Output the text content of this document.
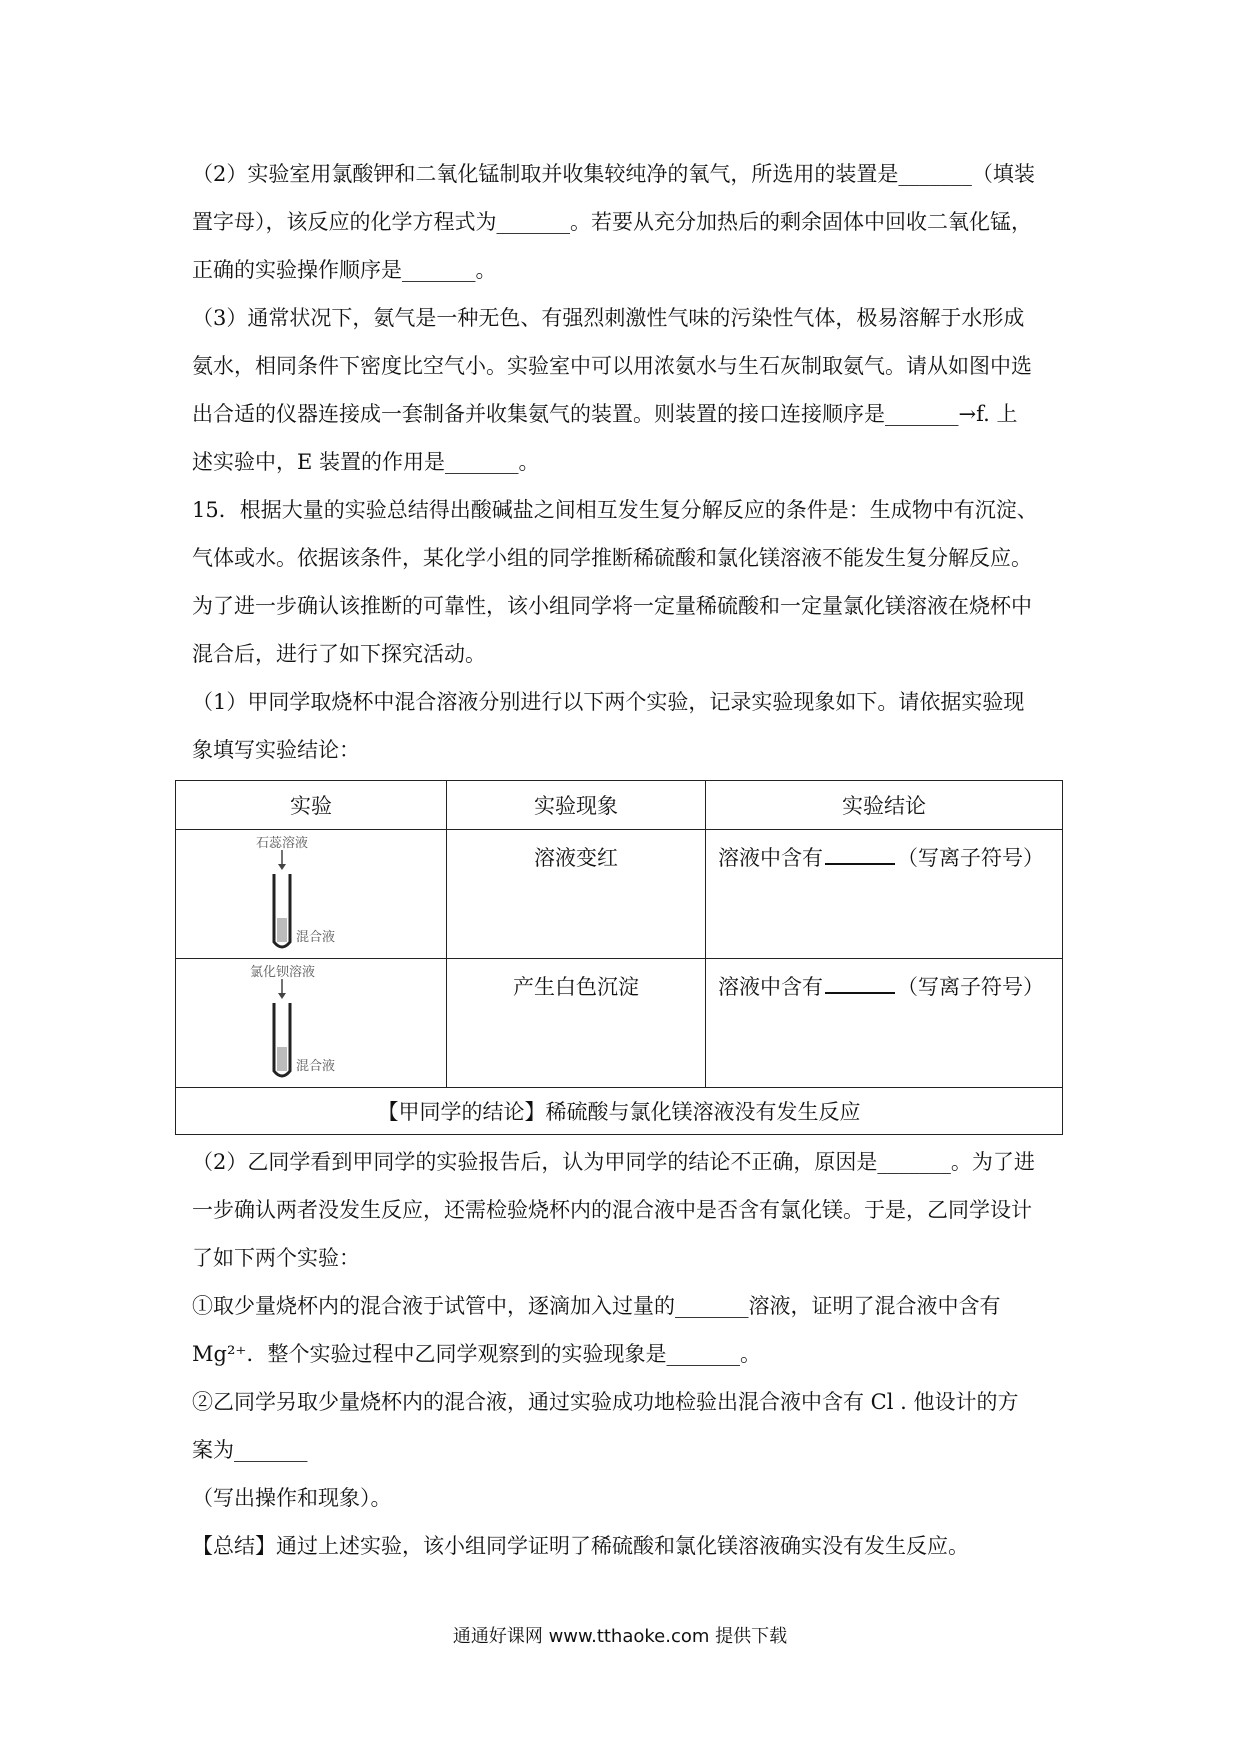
（2）实验室用氯酸钾和二氧化锰制取并收集较纯净的氧气，所选用的装置是_______（填装

置字母），该反应的化学方程式为_______。若要从充分加热后的剩余固体中回收二氧化锰，

正确的实验操作顺序是_______。

（3）通常状况下，氨气是一种无色、有强烈刺激性气味的污染性气体，极易溶解于水形成

氨水，相同条件下密度比空气小。实验室中可以用浓氨水与生石灰制取氨气。请从如图中选

出合适的仪器连接成一套制备并收集氨气的装置。则装置的接口连接顺序是_______→f. 上

述实验中，E 装置的作用是_______。

15．根据大量的实验总结得出酸碱盐之间相互发生复分解反应的条件是：生成物中有沉淀、

气体或水。依据该条件，某化学小组的同学推断稀硫酸和氯化镁溶液不能发生复分解反应。

为了进一步确认该推断的可靠性，该小组同学将一定量稀硫酸和一定量氯化镁溶液在烧杯中

混合后，进行了如下探究活动。

（1）甲同学取烧杯中混合溶液分别进行以下两个实验，记录实验现象如下。请依据实验现

象填写实验结论：

实验	实验现象	实验结论

石蕊溶液
混合液	溶液变红	溶液中含有 （写离子符号）

氯化钡溶液
混合液	产生白色沉淀	溶液中含有 （写离子符号）
【甲同学的结论】稀硫酸与氯化镁溶液没有发生反应		

（2）乙同学看到甲同学的实验报告后，认为甲同学的结论不正确，原因是_______。为了进

一步确认两者没发生反应，还需检验烧杯内的混合液中是否含有氯化镁。于是，乙同学设计

了如下两个实验：

①取少量烧杯内的混合液于试管中，逐滴加入过量的_______溶液，证明了混合液中含有

Mg²⁺．整个实验过程中乙同学观察到的实验现象是_______。

②乙同学另取少量烧杯内的混合液，通过实验成功地检验出混合液中含有 Cl . 他设计的方

案为_______

（写出操作和现象）。

【总结】通过上述实验，该小组同学证明了稀硫酸和氯化镁溶液确实没有发生反应。

通通好课网 www.tthaoke.com 提供下载
